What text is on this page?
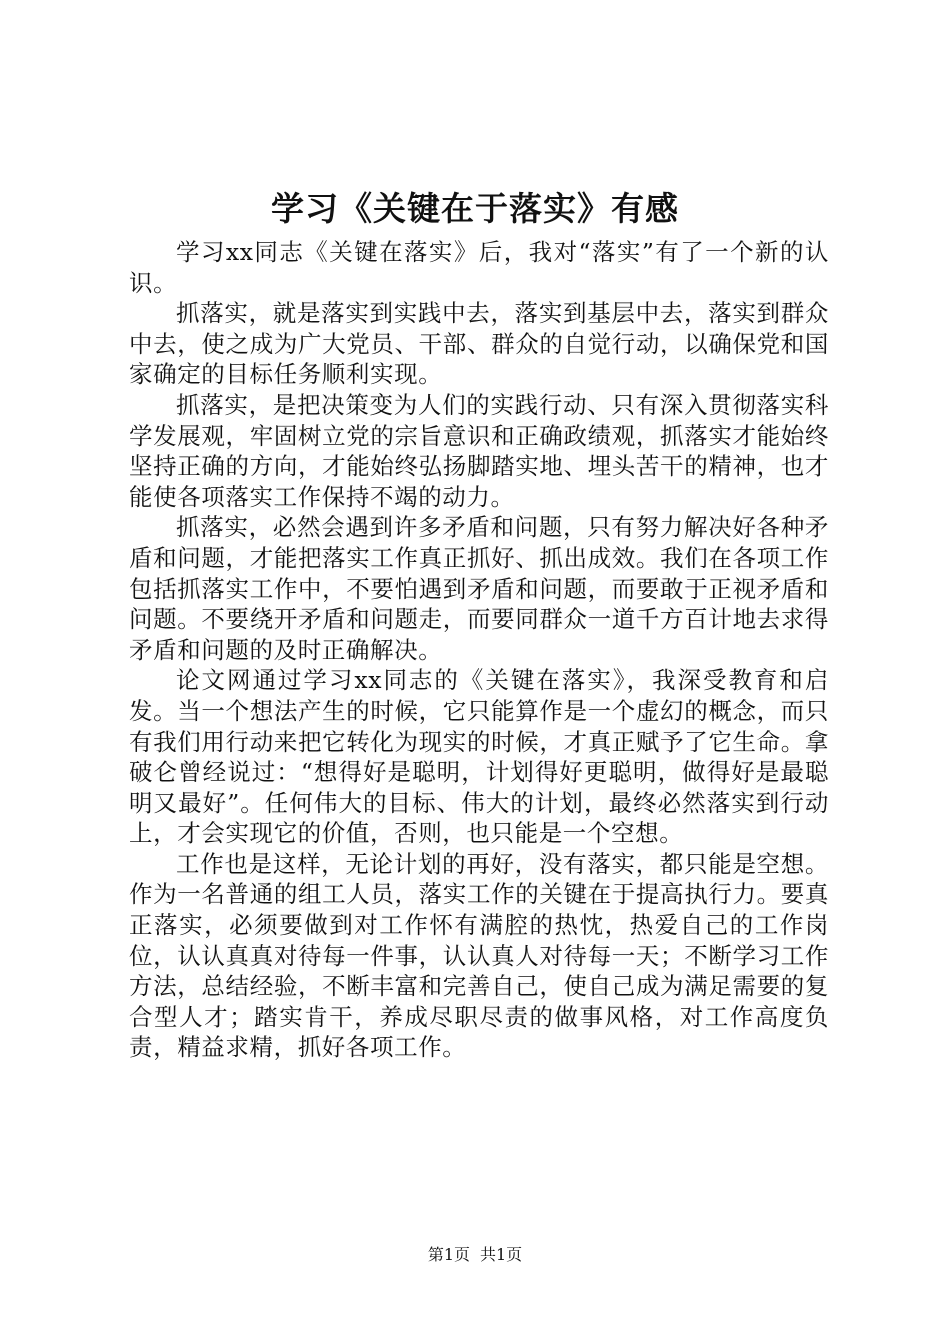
学习《关键在于落实》有感

学习xx同志《关键在落实》后，我对“落实”有了一个新的认识。

抓落实，就是落实到实践中去，落实到基层中去，落实到群众中去，使之成为广大党员、干部、群众的自觉行动，以确保党和国家确定的目标任务顺利实现。

抓落实，是把决策变为人们的实践行动、只有深入贯彻落实科学发展观，牢固树立党的宗旨意识和正确政绩观，抓落实才能始终坚持正确的方向，才能始终弘扬脚踏实地、埋头苦干的精神，也才能使各项落实工作保持不竭的动力。

抓落实，必然会遇到许多矛盾和问题，只有努力解决好各种矛盾和问题，才能把落实工作真正抓好、抓出成效。我们在各项工作包括抓落实工作中，不要怕遇到矛盾和问题，而要敢于正视矛盾和问题。不要绕开矛盾和问题走，而要同群众一道千方百计地去求得矛盾和问题的及时正确解决。

论文网通过学习xx同志的《关键在落实》，我深受教育和启发。当一个想法产生的时候，它只能算作是一个虚幻的概念，而只有我们用行动来把它转化为现实的时候，才真正赋予了它生命。拿破仑曾经说过：“想得好是聪明，计划得好更聪明，做得好是最聪明又最好”。任何伟大的目标、伟大的计划，最终必然落实到行动上，才会实现它的价值，否则，也只能是一个空想。

工作也是这样，无论计划的再好，没有落实，都只能是空想。作为一名普通的组工人员，落实工作的关键在于提高执行力。要真正落实，必须要做到对工作怀有满腔的热忱，热爱自己的工作岗位，认认真真对待每一件事，认认真人对待每一天；不断学习工作方法，总结经验，不断丰富和完善自己，使自己成为满足需要的复合型人才；踏实肯干，养成尽职尽责的做事风格，对工作高度负责，精益求精，抓好各项工作。

第1页 共1页
